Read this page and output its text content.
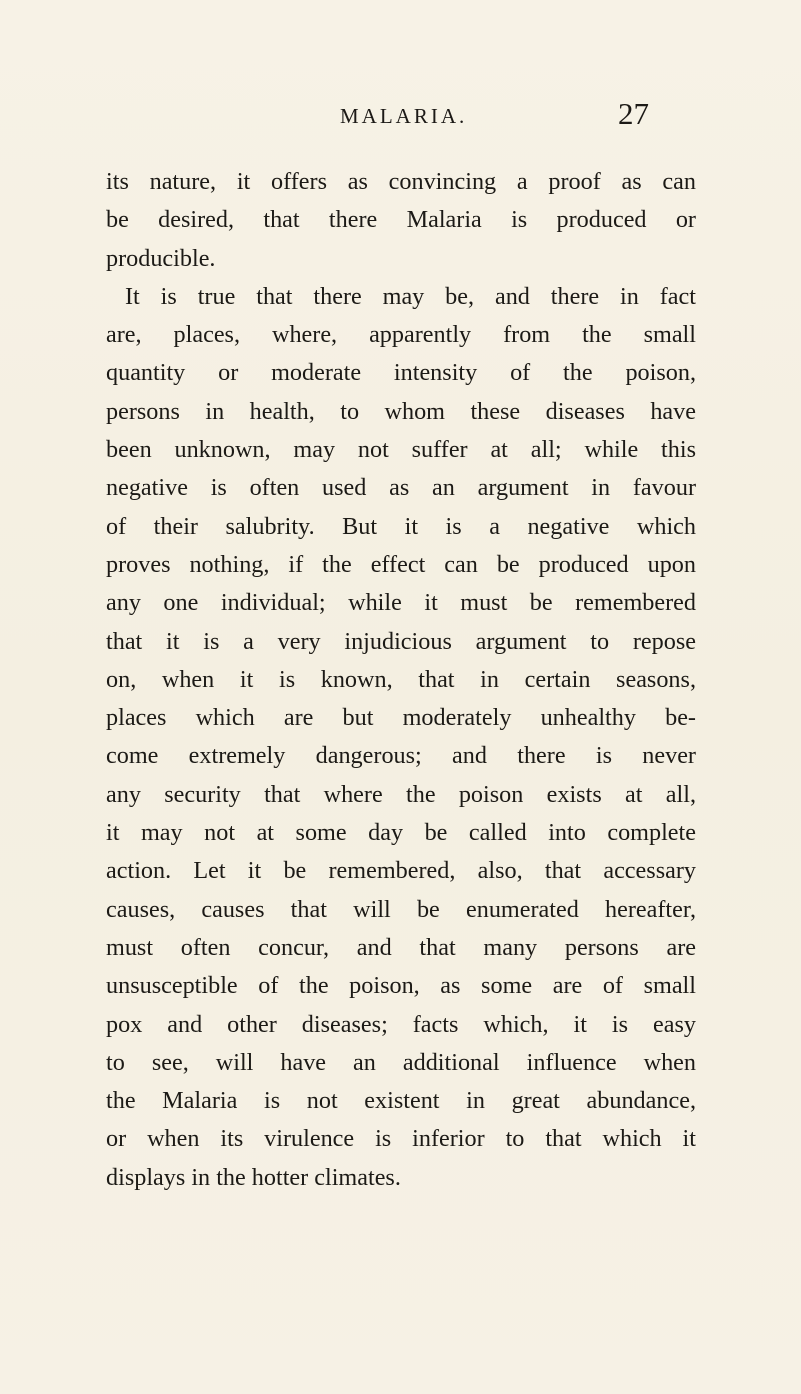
MALARIA.	27
its nature, it offers as convincing a proof as can
be desired, that there Malaria is produced or
producible.
It is true that there may be, and there in fact
are, places, where, apparently from the small
quantity or moderate intensity of the poison,
persons in health, to whom these diseases have
been unknown, may not suffer at all; while this
negative is often used as an argument in favour
of their salubrity. But it is a negative which
proves nothing, if the effect can be produced upon
any one individual; while it must be remembered
that it is a very injudicious argument to repose
on, when it is known, that in certain seasons,
places which are but moderately unhealthy be-
come extremely dangerous; and there is never
any security that where the poison exists at all,
it may not at some day be called into complete
action. Let it be remembered, also, that accessary
causes, causes that will be enumerated hereafter,
must often concur, and that many persons are
unsusceptible of the poison, as some are of small
pox and other diseases; facts which, it is easy
to see, will have an additional influence when
the Malaria is not existent in great abundance,
or when its virulence is inferior to that which it
displays in the hotter climates.
